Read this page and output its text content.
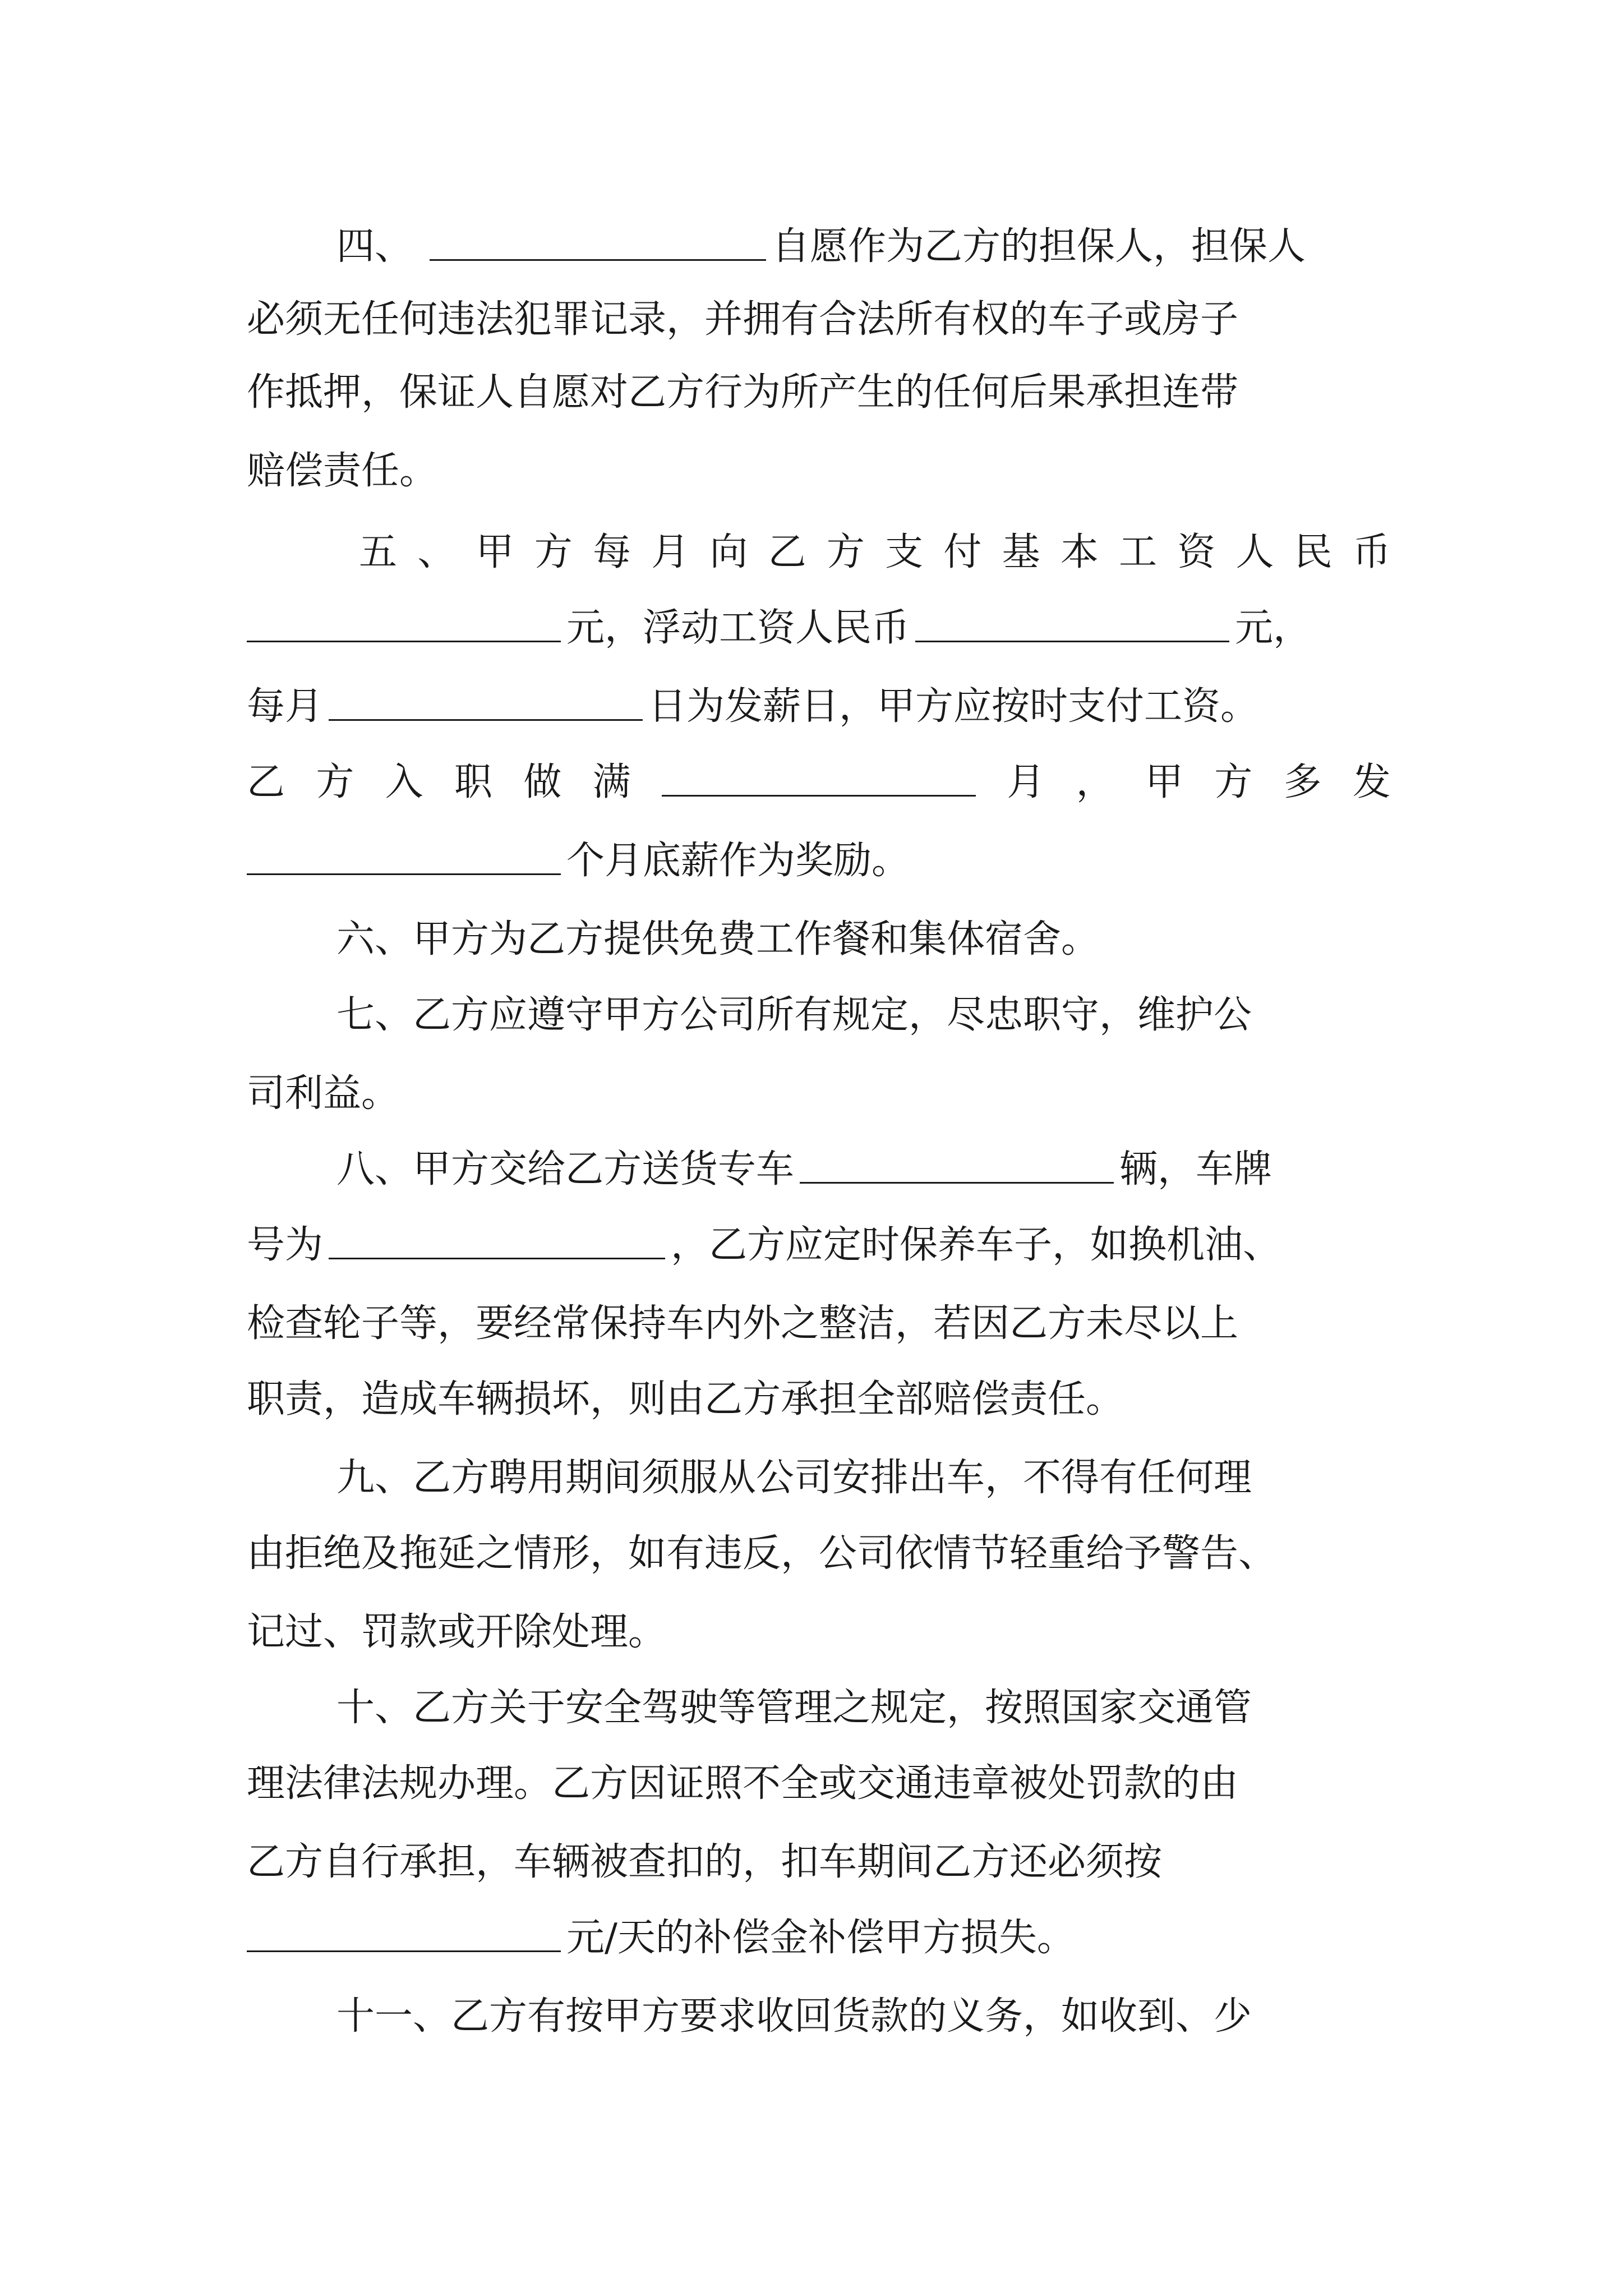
四、	自愿作为乙方的担保人，担保人
必须无任何违法犯罪记录，并拥有合法所有权的车子或房子
作抵押，保证人自愿对乙方行为所产生的任何后果承担连带
赔偿责任。
五 、 甲 方 每 月 向 乙 方 支 付 基 本 工 资 人 民 币
元，浮动工资人民币	元，
每月	日为发薪日，甲方应按时支付工资。
乙 方 入 职 做 满	月 ， 甲 方 多 发
个月底薪作为奖励。
六、甲方为乙方提供免费工作餐和集体宿舍。
七、乙方应遵守甲方公司所有规定，尽忠职守，维护公
司利益。
八、甲方交给乙方送货专车	辆，车牌
号为	，乙方应定时保养车子，如换机油、
检查轮子等，要经常保持车内外之整洁，若因乙方未尽以上
职责，造成车辆损坏，则由乙方承担全部赔偿责任。
九、乙方聘用期间须服从公司安排出车，不得有任何理
由拒绝及拖延之情形，如有违反，公司依情节轻重给予警告、
记过、罚款或开除处理。
十、乙方关于安全驾驶等管理之规定，按照国家交通管
理法律法规办理。乙方因证照不全或交通违章被处罚款的由
乙方自行承担，车辆被查扣的，扣车期间乙方还必须按
元/天的补偿金补偿甲方损失。
十一、乙方有按甲方要求收回货款的义务，如收到、少
